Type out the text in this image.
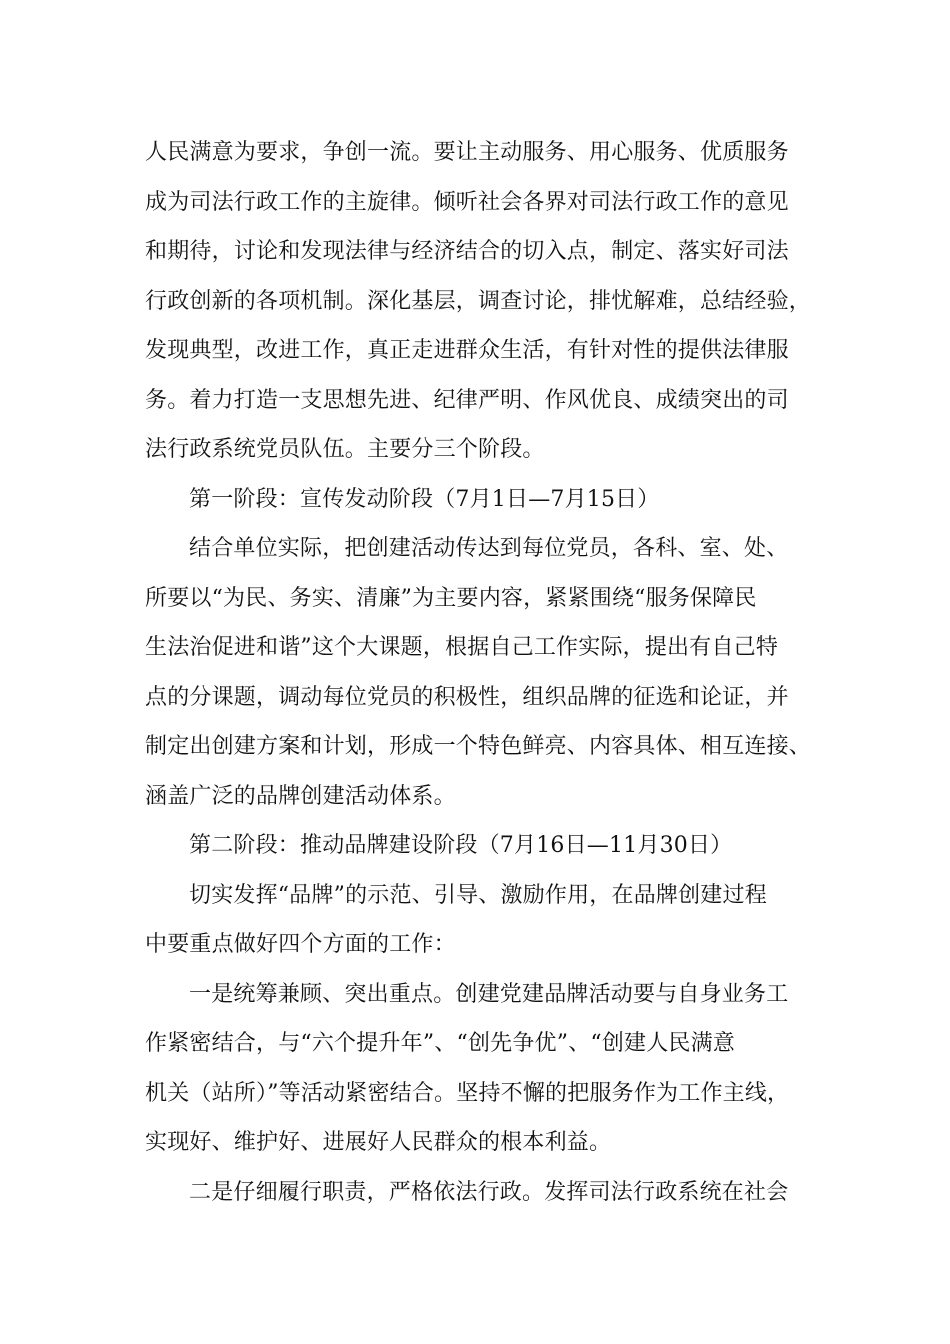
人民满意为要求，争创一流。要让主动服务、用心服务、优质服务
成为司法行政工作的主旋律。倾听社会各界对司法行政工作的意见
和期待，讨论和发现法律与经济结合的切入点，制定、落实好司法
行政创新的各项机制。深化基层，调查讨论，排忧解难，总结经验，
发现典型，改进工作，真正走进群众生活，有针对性的提供法律服
务。着力打造一支思想先进、纪律严明、作风优良、成绩突出的司
法行政系统党员队伍。主要分三个阶段。

第一阶段：宣传发动阶段（7月1日—7月15日）

结合单位实际，把创建活动传达到每位党员，各科、室、处、
所要以“为民、务实、清廉”为主要内容，紧紧围绕“服务保障民
生法治促进和谐”这个大课题，根据自己工作实际，提出有自己特
点的分课题，调动每位党员的积极性，组织品牌的征选和论证，并
制定出创建方案和计划，形成一个特色鲜亮、内容具体、相互连接、
涵盖广泛的品牌创建活动体系。

第二阶段：推动品牌建设阶段（7月16日—11月30日）

切实发挥“品牌”的示范、引导、激励作用，在品牌创建过程
中要重点做好四个方面的工作：

一是统筹兼顾、突出重点。创建党建品牌活动要与自身业务工
作紧密结合，与“六个提升年”、“创先争优”、“创建人民满意
机关（站所）”等活动紧密结合。坚持不懈的把服务作为工作主线，
实现好、维护好、进展好人民群众的根本利益。

二是仔细履行职责，严格依法行政。发挥司法行政系统在社会
